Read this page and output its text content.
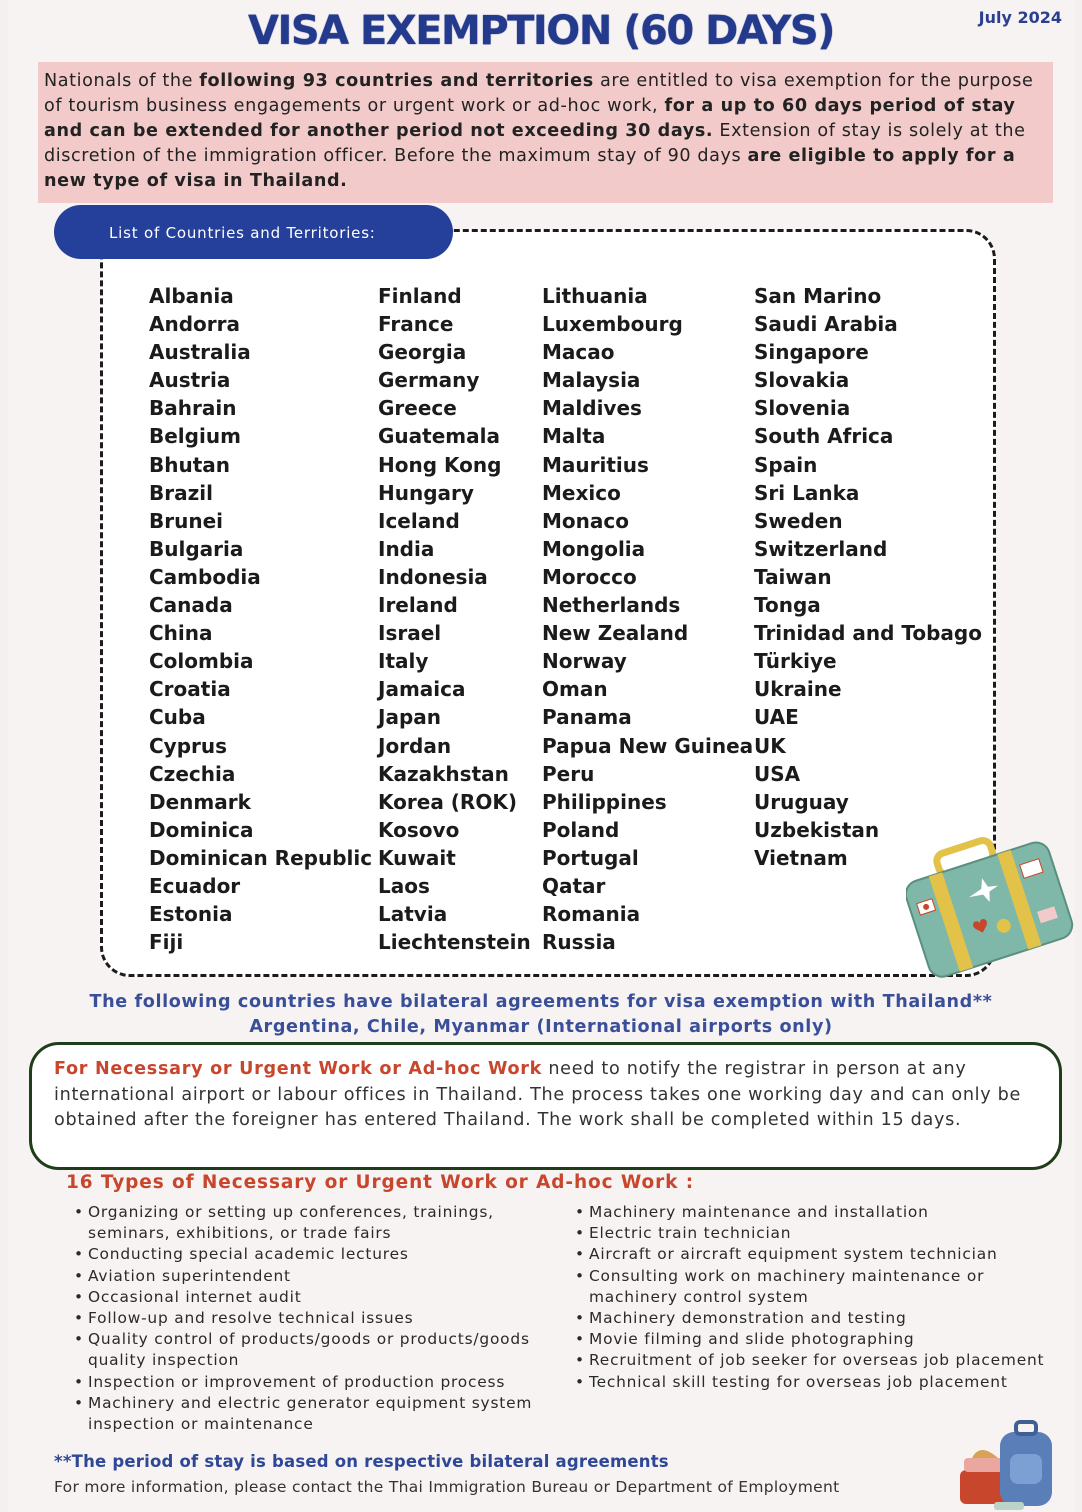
July 2024
VISA EXEMPTION (60 DAYS)
Nationals of the following 93 countries and territories are entitled to visa exemption for the purpose of tourism business engagements or urgent work or ad-hoc work, for a up to 60 days period of stay and can be extended for another period not exceeding 30 days. Extension of stay is solely at the discretion of the immigration officer. Before the maximum stay of 90 days are eligible to apply for a new type of visa in Thailand.
List of Countries and Territories:
Albania
Andorra
Australia
Austria
Bahrain
Belgium
Bhutan
Brazil
Brunei
Bulgaria
Cambodia
Canada
China
Colombia
Croatia
Cuba
Cyprus
Czechia
Denmark
Dominica
Dominican Republic
Ecuador
Estonia
Fiji
Finland
France
Georgia
Germany
Greece
Guatemala
Hong Kong
Hungary
Iceland
India
Indonesia
Ireland
Israel
Italy
Jamaica
Japan
Jordan
Kazakhstan
Korea (ROK)
Kosovo
Kuwait
Laos
Latvia
Liechtenstein
Lithuania
Luxembourg
Macao
Malaysia
Maldives
Malta
Mauritius
Mexico
Monaco
Mongolia
Morocco
Netherlands
New Zealand
Norway
Oman
Panama
Papua New Guinea
Peru
Philippines
Poland
Portugal
Qatar
Romania
Russia
San Marino
Saudi Arabia
Singapore
Slovakia
Slovenia
South Africa
Spain
Sri Lanka
Sweden
Switzerland
Taiwan
Tonga
Trinidad and Tobago
Türkiye
Ukraine
UAE
UK
USA
Uruguay
Uzbekistan
Vietnam
The following countries have bilateral agreements for visa exemption with Thailand**
Argentina, Chile, Myanmar (International airports only)
For Necessary or Urgent Work or Ad-hoc Work need to notify the registrar in person at any international airport or labour offices in Thailand. The process takes one working day and can only be obtained after the foreigner has entered Thailand. The work shall be completed within 15 days.
16 Types of Necessary or Urgent Work or Ad-hoc Work :
• Organizing or setting up conferences, trainings, seminars, exhibitions, or trade fairs
• Conducting special academic lectures
• Aviation superintendent
• Occasional internet audit
• Follow-up and resolve technical issues
• Quality control of products/goods or products/goods quality inspection
• Inspection or improvement of production process
• Machinery and electric generator equipment system inspection or maintenance
• Machinery maintenance and installation
• Electric train technician
• Aircraft or aircraft equipment system technician
• Consulting work on machinery maintenance or machinery control system
• Machinery demonstration and testing
• Movie filming and slide photographing
• Recruitment of job seeker for overseas job placement
• Technical skill testing for overseas job placement
**The period of stay is based on respective bilateral agreements
For more information, please contact the Thai Immigration Bureau or Department of Employment
